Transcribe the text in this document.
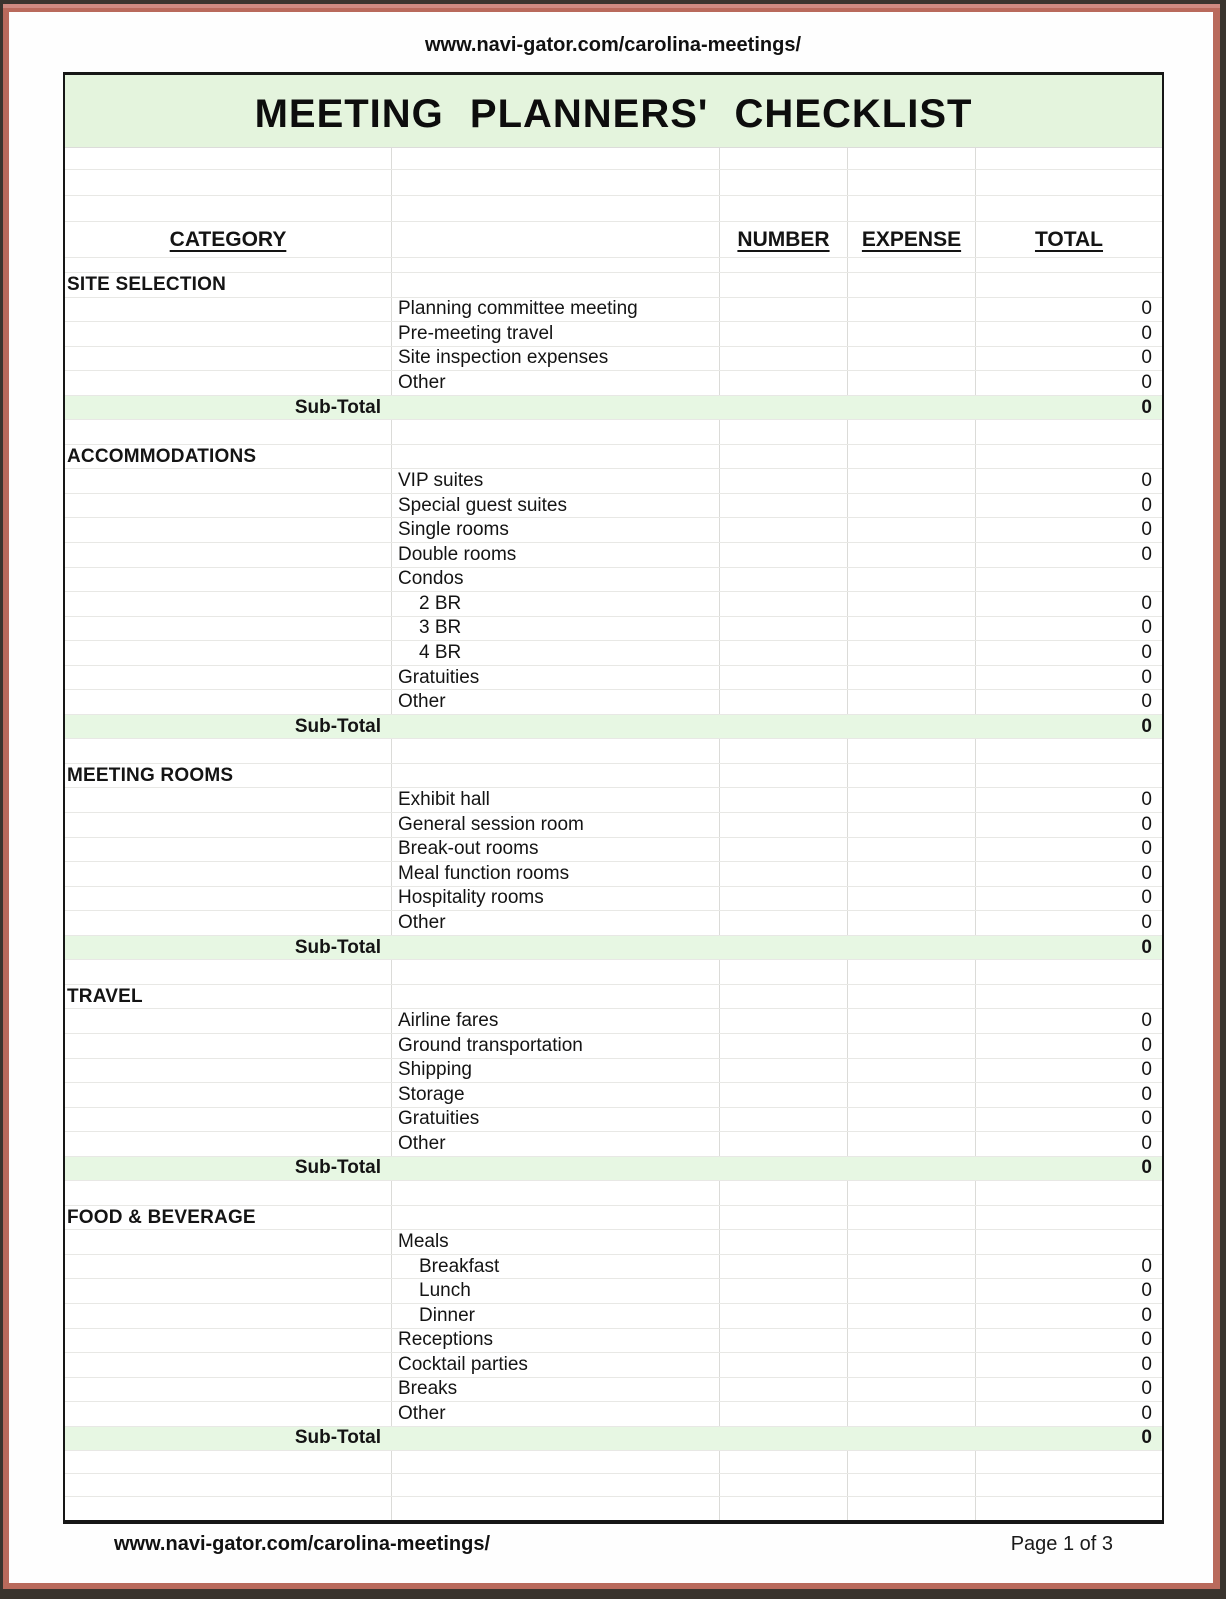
www.navi-gator.com/carolina-meetings/
MEETING PLANNERS' CHECKLIST
CATEGORY	NUMBER	EXPENSE	TOTAL
SITE SELECTION
Planning committee meeting	0
Pre-meeting travel	0
Site inspection expenses	0
Other	0
Sub-Total	0
ACCOMMODATIONS
VIP suites	0
Special guest suites	0
Single rooms	0
Double rooms	0
Condos
2 BR	0
3 BR	0
4 BR	0
Gratuities	0
Other	0
Sub-Total	0
MEETING ROOMS
Exhibit hall	0
General session room	0
Break-out rooms	0
Meal function rooms	0
Hospitality rooms	0
Other	0
Sub-Total	0
TRAVEL
Airline fares	0
Ground transportation	0
Shipping	0
Storage	0
Gratuities	0
Other	0
Sub-Total	0
FOOD & BEVERAGE
Meals
Breakfast	0
Lunch	0
Dinner	0
Receptions	0
Cocktail parties	0
Breaks	0
Other	0
Sub-Total	0
www.navi-gator.com/carolina-meetings/	Page 1 of 3
